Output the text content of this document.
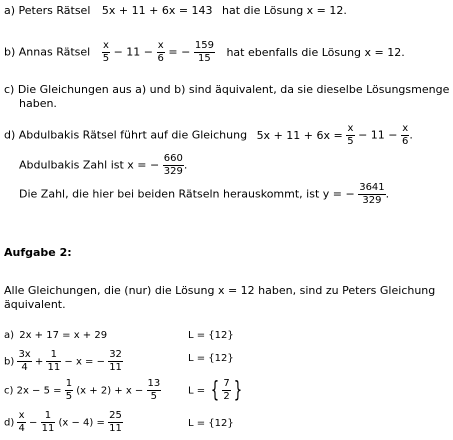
a) Peters Rätsel 5x + 11 + 6x = 143 hat die Lösung x = 12.
b) Annas Rätsel $\frac{x}{5} - 11 - \frac{x}{6}$ = − $\frac{159}{15}$ hat ebenfalls die Lösung x = 12.
c) Die Gleichungen aus a) und b) sind äquivalent, da sie dieselbe Lösungsmenge
haben.
d) Abdulbakis Rätsel führt auf die Gleichung $5x + 11 + 6x = \frac{x}{5} - 11 - \frac{x}{6}$ .
Abdulbakis Zahl ist x = − $\frac{660}{329}$ .
Die Zahl, die hier bei beiden Rätseln herauskommt, ist y = − $\frac{3641}{329}$ .
Aufgabe 2:
Alle Gleichungen, die (nur) die Lösung x = 12 haben, sind zu Peters Gleichung
äquivalent.
a) 2x + 17 = x + 29	L = {12}
$b) \frac{3x}{4} + \frac{1}{11} - x$ = − $\frac{32}{11}$	L = {12}
c) $2x - 5 = \frac{1}{5} (x + 2) + x - \frac{13}{5}$	L = { $\frac{7}{2}$ }
$d) \frac{x}{4} - \frac{1}{11} (x - 4) = \frac{25}{11}$	L = {12}
